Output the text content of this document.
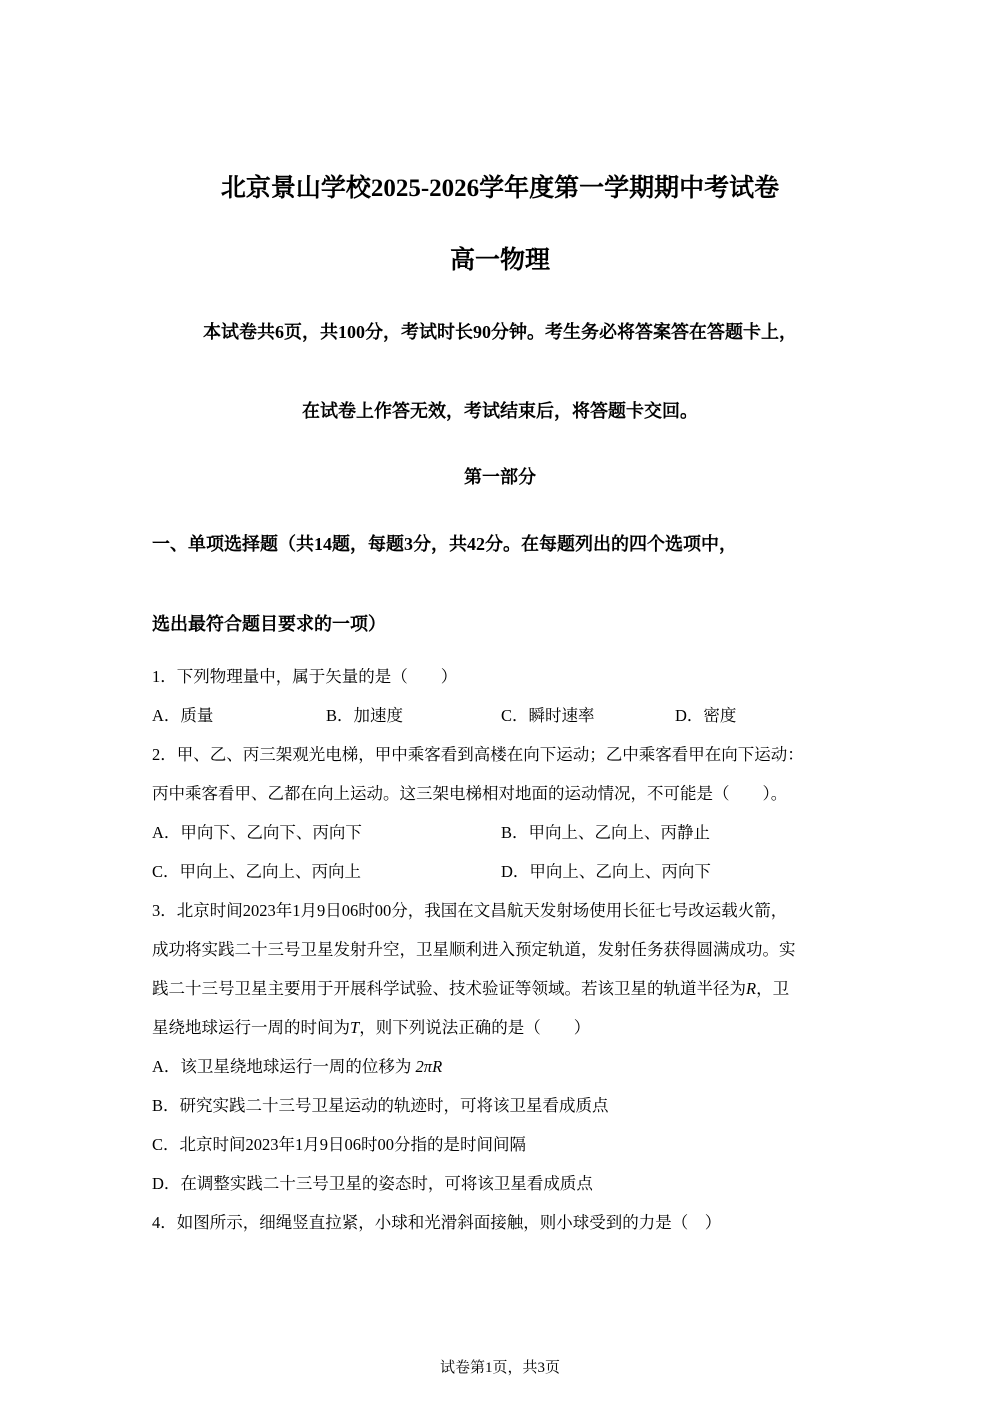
北京景山学校2025-2026学年度第一学期期中考试卷
高一物理
本试卷共6页，共100分，考试时长90分钟。考生务必将答案答在答题卡上，
在试卷上作答无效，考试结束后，将答题卡交回。
第一部分
一、单项选择题（共14题，每题3分，共42分。在每题列出的四个选项中，
选出最符合题目要求的一项）
1．下列物理量中，属于矢量的是（　　）
A．质量	B．加速度	C．瞬时速率	D．密度
2．甲、乙、丙三架观光电梯，甲中乘客看到高楼在向下运动；乙中乘客看甲在向下运动：
丙中乘客看甲、乙都在向上运动。这三架电梯相对地面的运动情况，不可能是（　　）。
A．甲向下、乙向下、丙向下	B．甲向上、乙向上、丙静止
C．甲向上、乙向上、丙向上	D．甲向上、乙向上、丙向下
3．北京时间2023年1月9日06时00分，我国在文昌航天发射场使用长征七号改运载火箭，
成功将实践二十三号卫星发射升空，卫星顺利进入预定轨道，发射任务获得圆满成功。实
践二十三号卫星主要用于开展科学试验、技术验证等领域。若该卫星的轨道半径为R，卫
星绕地球运行一周的时间为T，则下列说法正确的是（　　）
A．该卫星绕地球运行一周的位移为 2πR
B．研究实践二十三号卫星运动的轨迹时，可将该卫星看成质点
C．北京时间2023年1月9日06时00分指的是时间间隔
D．在调整实践二十三号卫星的姿态时，可将该卫星看成质点
4．如图所示，细绳竖直拉紧，小球和光滑斜面接触，则小球受到的力是（　）
试卷第1页，共3页
